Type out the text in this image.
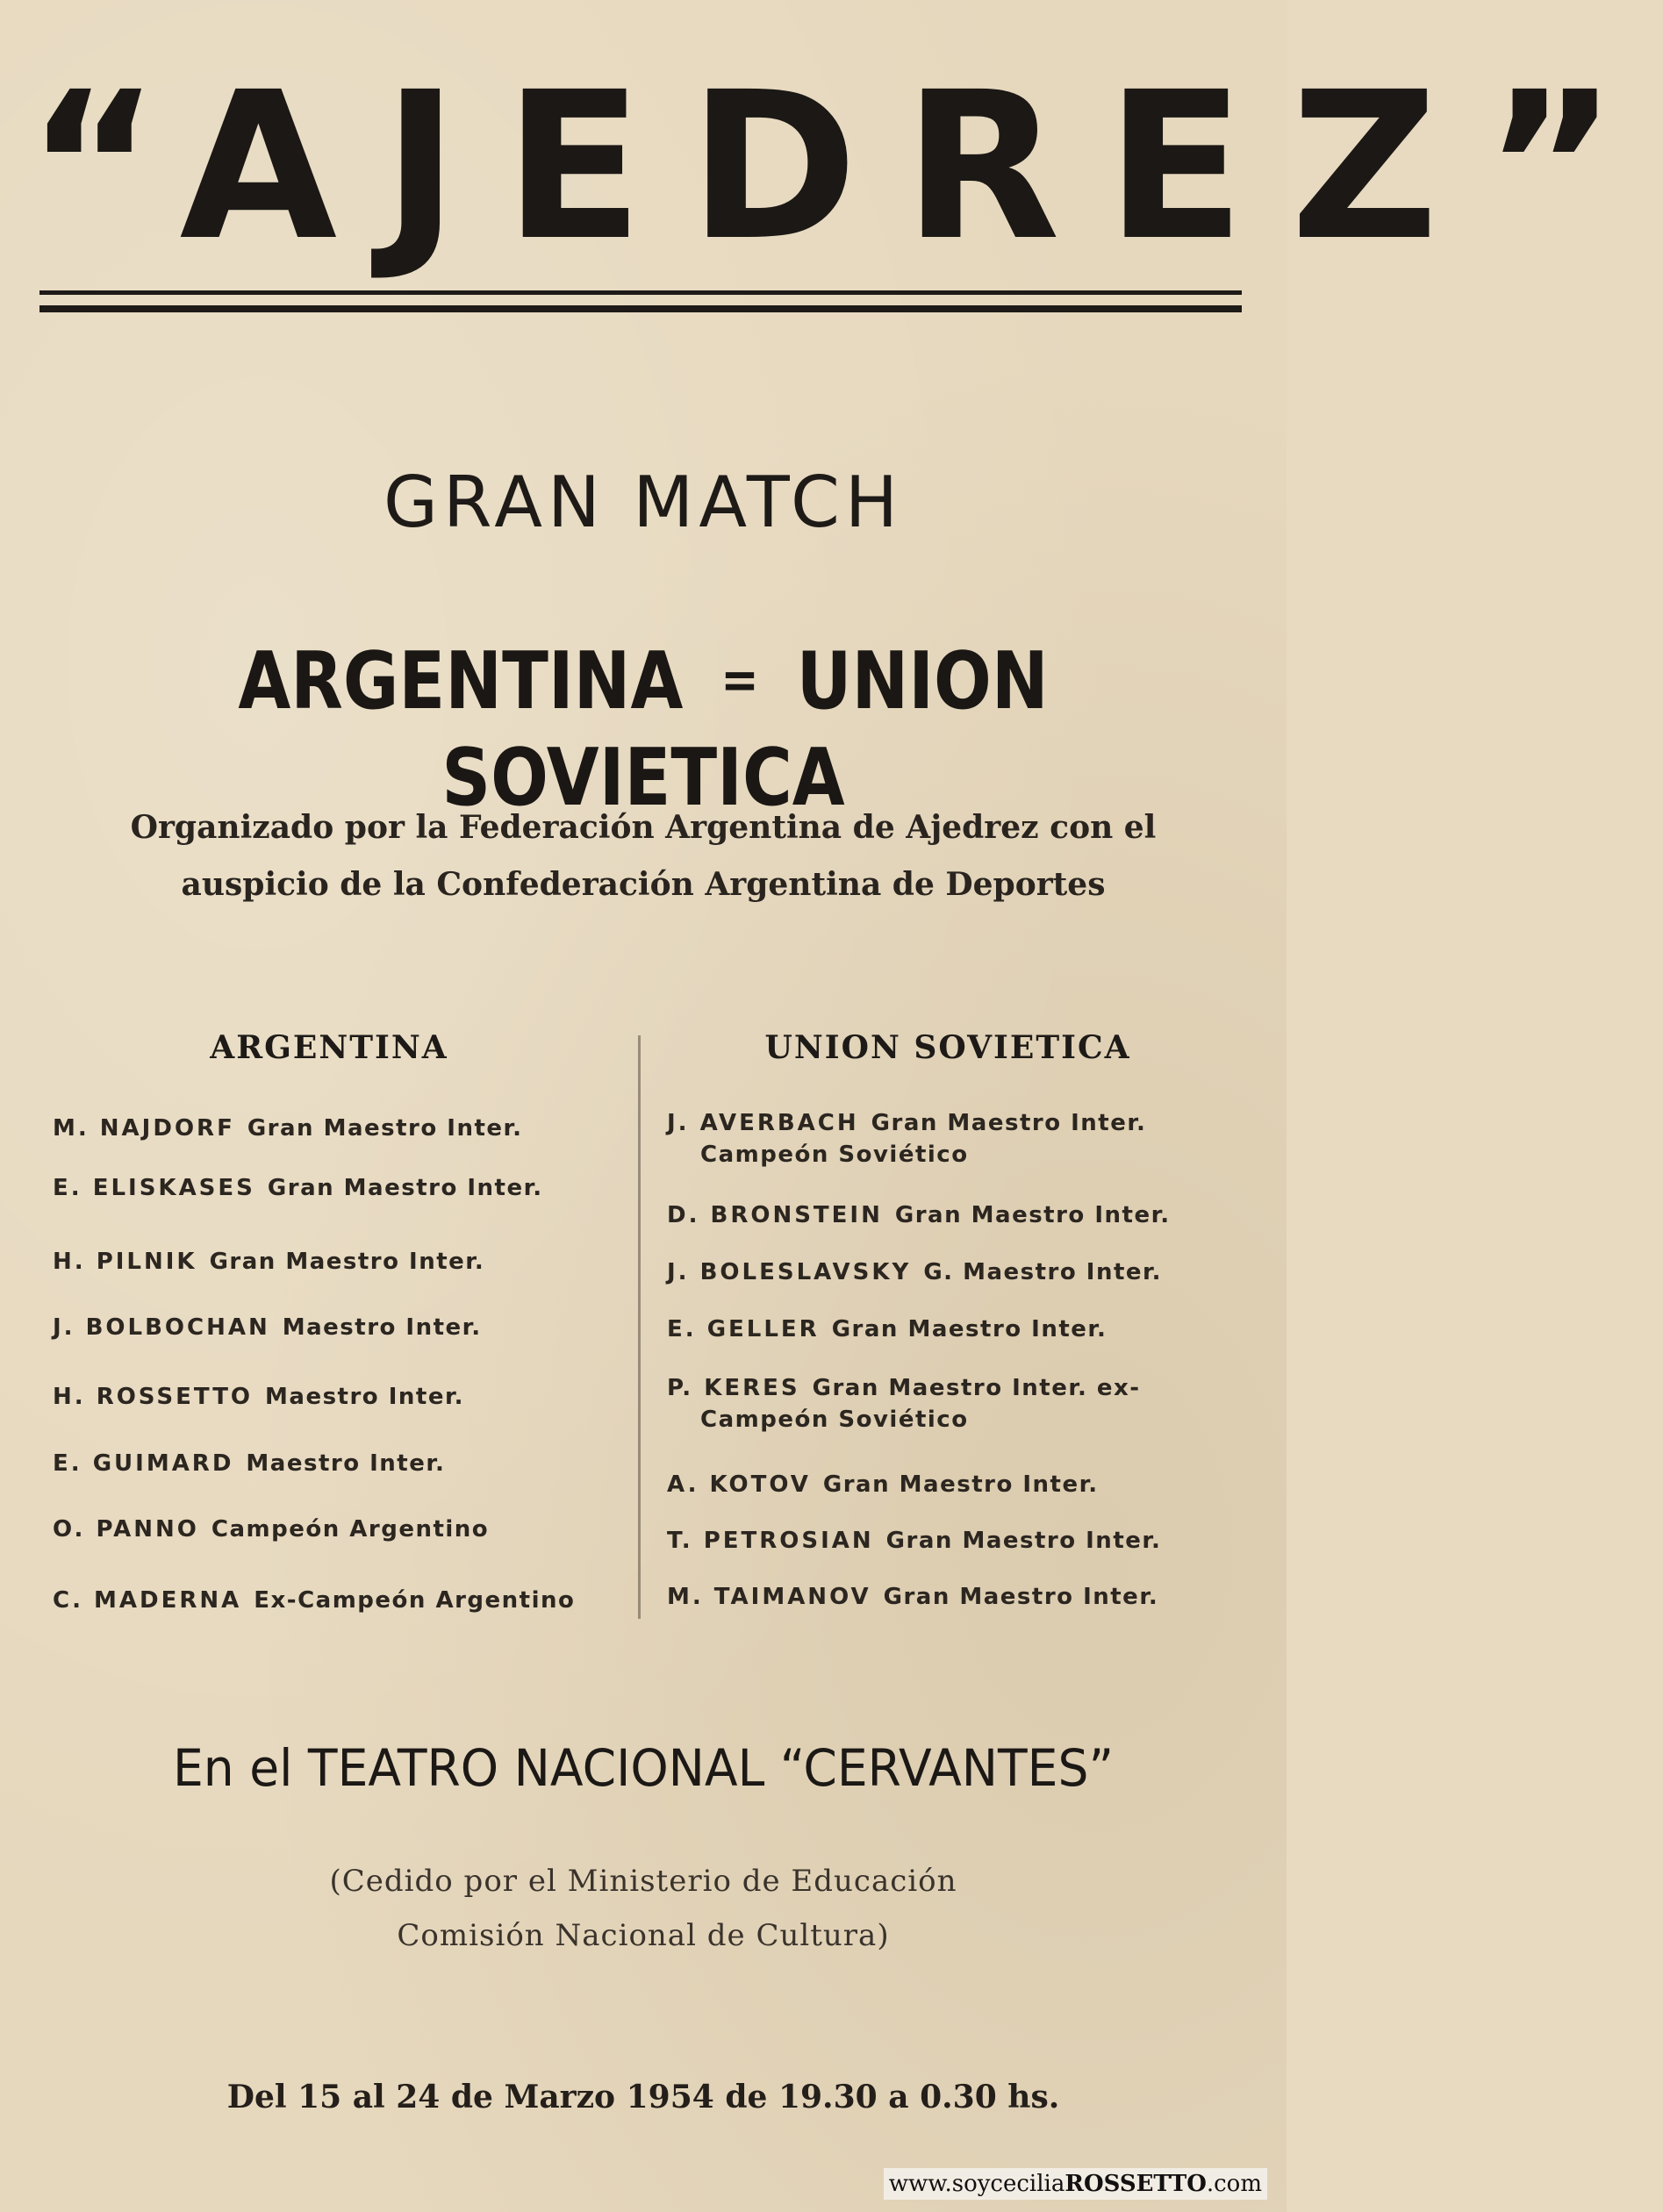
“AJEDREZ”
GRAN MATCH
ARGENTINA = UNION SOVIETICA
Organizado por la Federación Argentina de Ajedrez con el
auspicio de la Confederación Argentina de Deportes
ARGENTINA	UNION SOVIETICA
M. NAJDORF Gran Maestro Inter.
E. ELISKASES Gran Maestro Inter.
H. PILNIK Gran Maestro Inter.
J. BOLBOCHAN Maestro Inter.
H. ROSSETTO Maestro Inter.
E. GUIMARD Maestro Inter.
O. PANNO Campeón Argentino
C. MADERNA Ex-Campeón Argentino
J. AVERBACH Gran Maestro Inter.
Campeón Soviético
D. BRONSTEIN Gran Maestro Inter.
J. BOLESLAVSKY G. Maestro Inter.
E. GELLER Gran Maestro Inter.
P. KERES Gran Maestro Inter. ex-
Campeón Soviético
A. KOTOV Gran Maestro Inter.
T. PETROSIAN Gran Maestro Inter.
M. TAIMANOV Gran Maestro Inter.
En el TEATRO NACIONAL “CERVANTES”
(Cedido por el Ministerio de Educación
Comisión Nacional de Cultura)
Del 15 al 24 de Marzo 1954 de 19.30 a 0.30 hs.
www.soyceciliaROSSETTO.com
